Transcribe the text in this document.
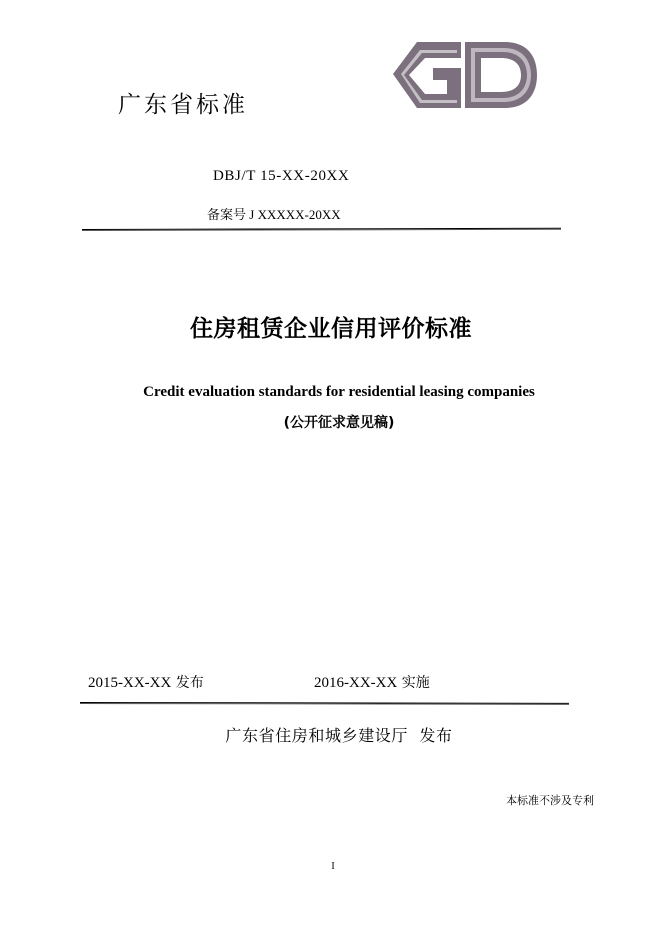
广东省标准
DBJ/T 15-XX-20XX
备案号 J XXXXX-20XX
住房租赁企业信用评价标准
Credit evaluation standards for residential leasing companies
(公开征求意见稿)
2015-XX-XX 发布	2016-XX-XX 实施
广东省住房和城乡建设厅  发布
本标准不涉及专利
I
